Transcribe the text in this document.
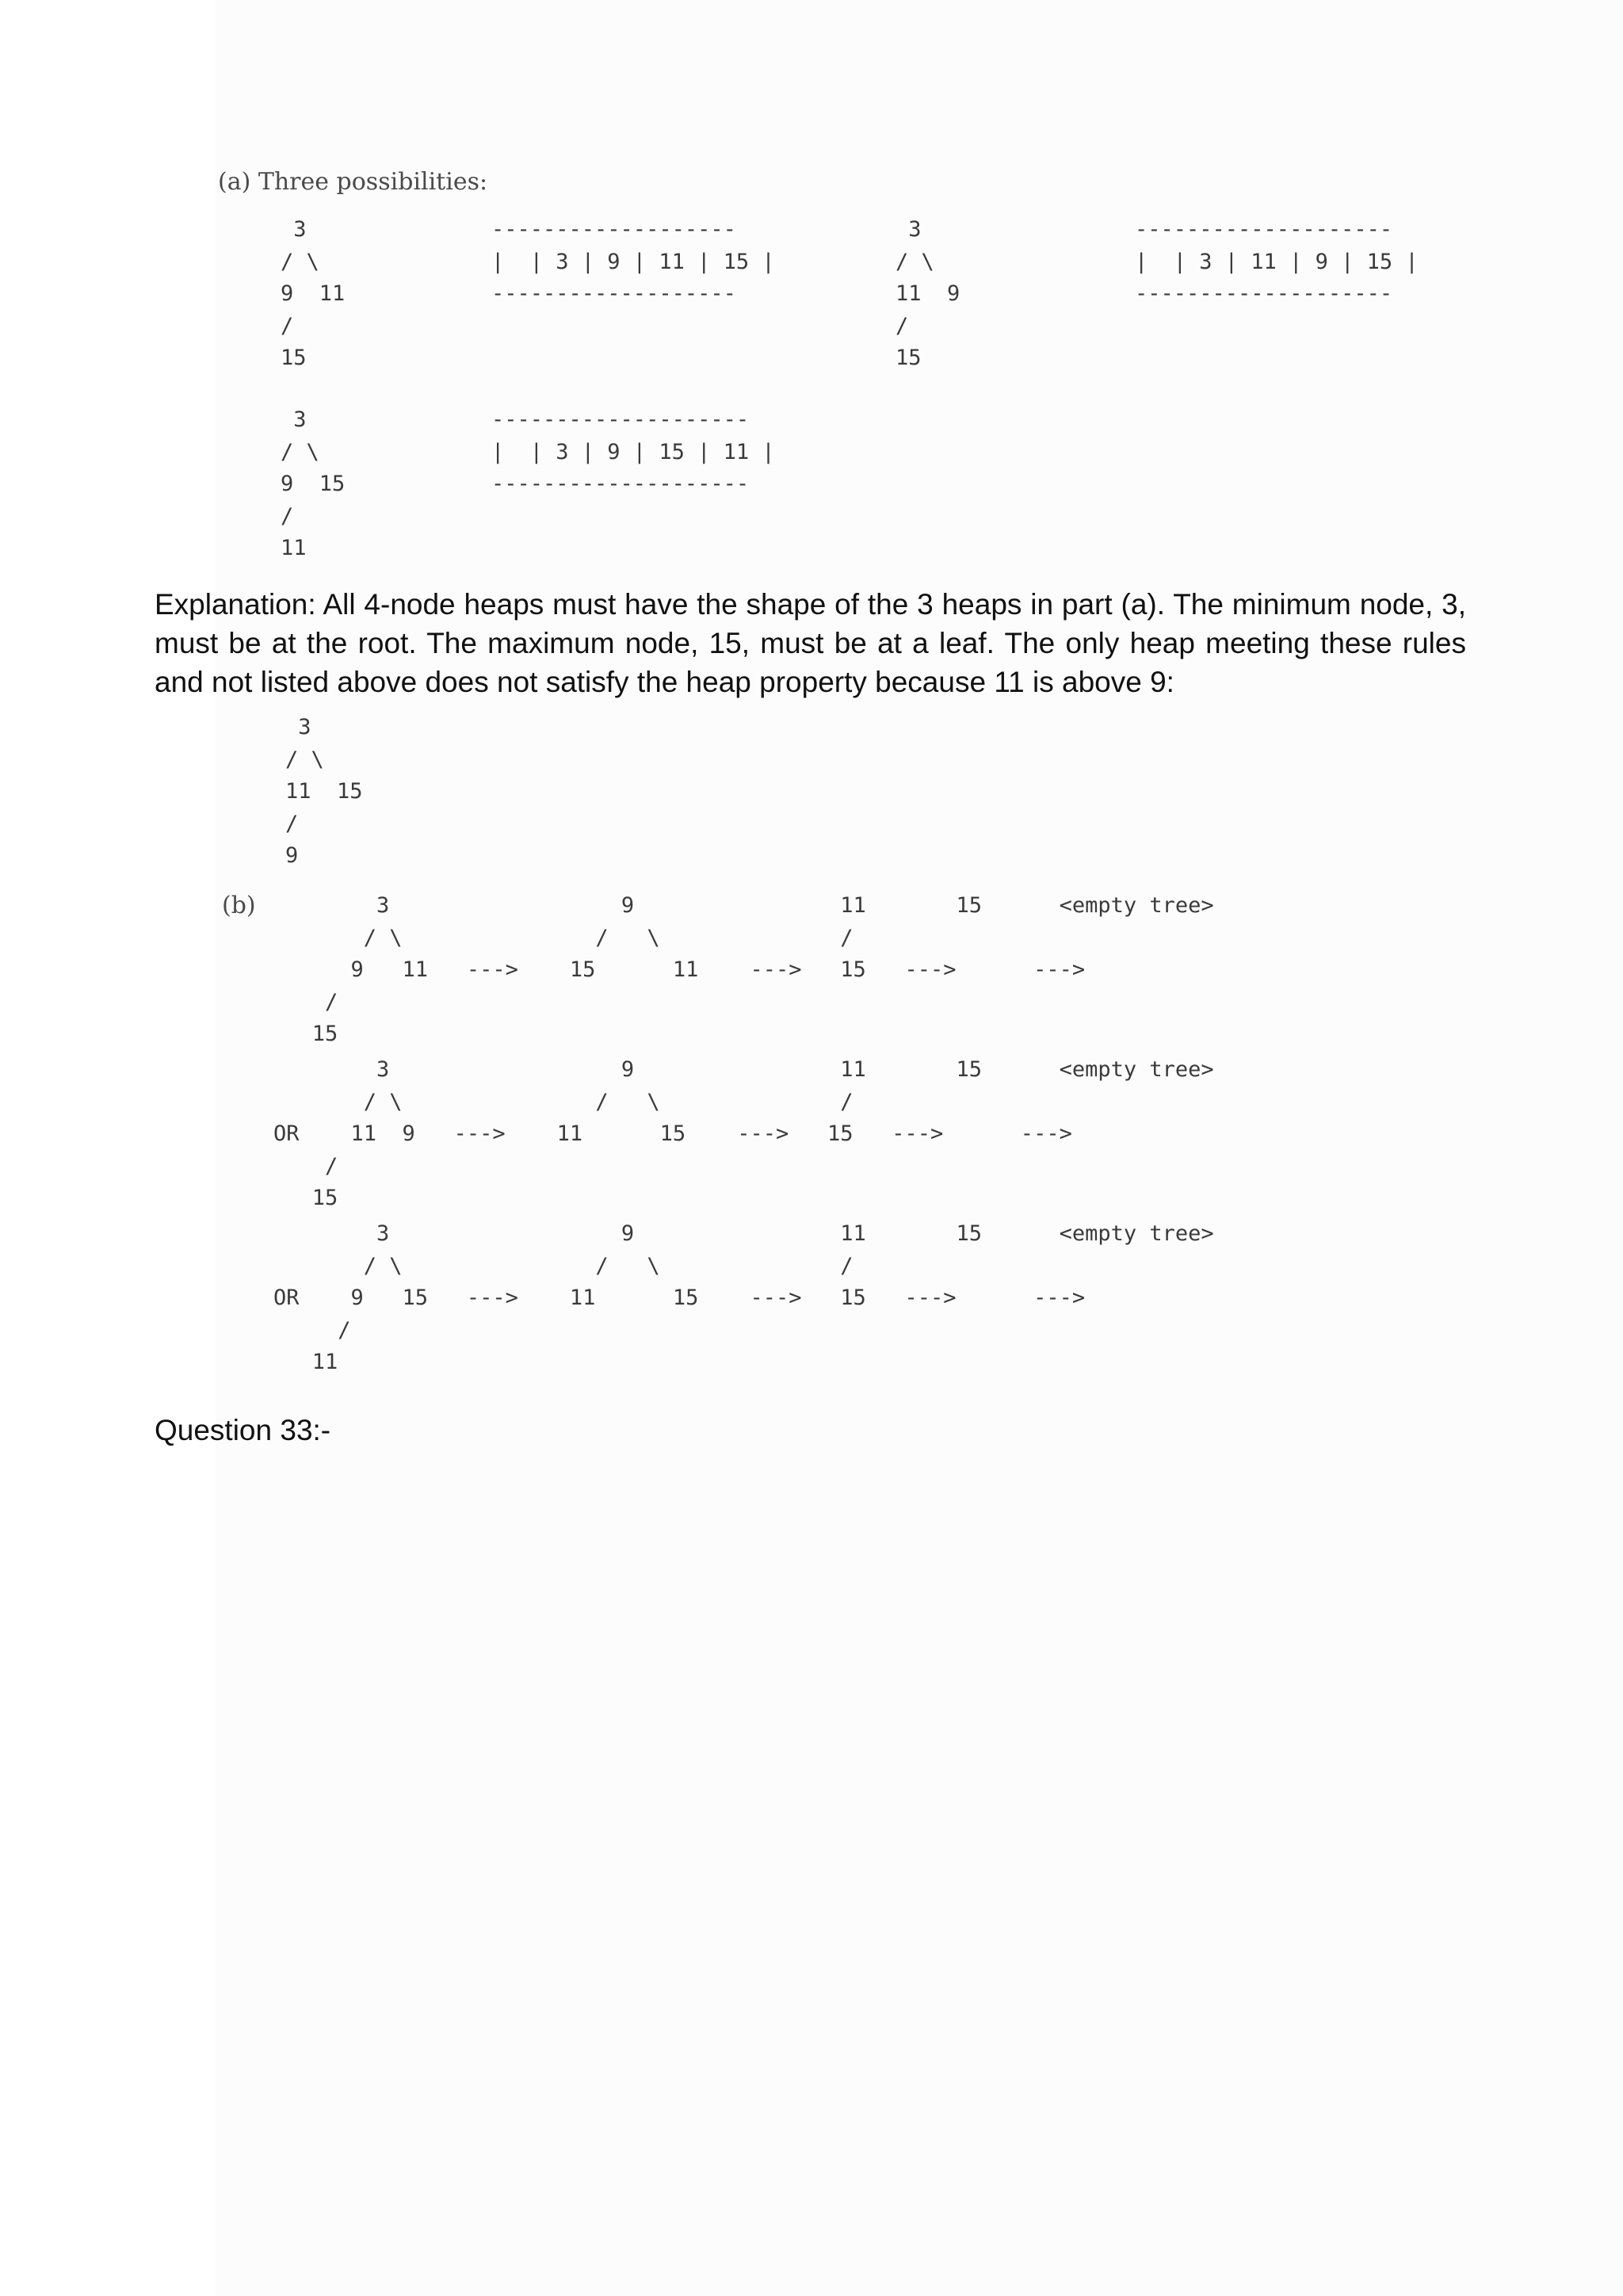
(a) Three possibilities:
3
/ \
9  11
/
15
-------------------
|  | 3 | 9 | 11 | 15 |
-------------------
3
/ \
11  9
/
15
--------------------
|  | 3 | 11 | 9 | 15 |
--------------------
3
/ \
9  15
/
11
--------------------
|  | 3 | 9 | 15 | 11 |
--------------------

Explanation: All 4-node heaps must have the shape of the 3 heaps in part (a). The minimum node, 3, must be at the root. The maximum node, 15, must be at a leaf. The only heap meeting these rules and not listed above does not satisfy the heap property because 11 is above 9:

3
/ \
11  15
/
9
(b)	3                  9                11       15      <empty tree>
/ \               /   \              /
9   11   --->    15      11    --->   15   --->      --->
/
15
3                  9                11       15      <empty tree>
/ \               /   \              /
OR    11  9   --->    11      15    --->   15   --->      --->
/
15
3                  9                11       15      <empty tree>
/ \               /   \              /
OR    9   15   --->    11      15    --->   15   --->      --->
/
11
Question 33:-
